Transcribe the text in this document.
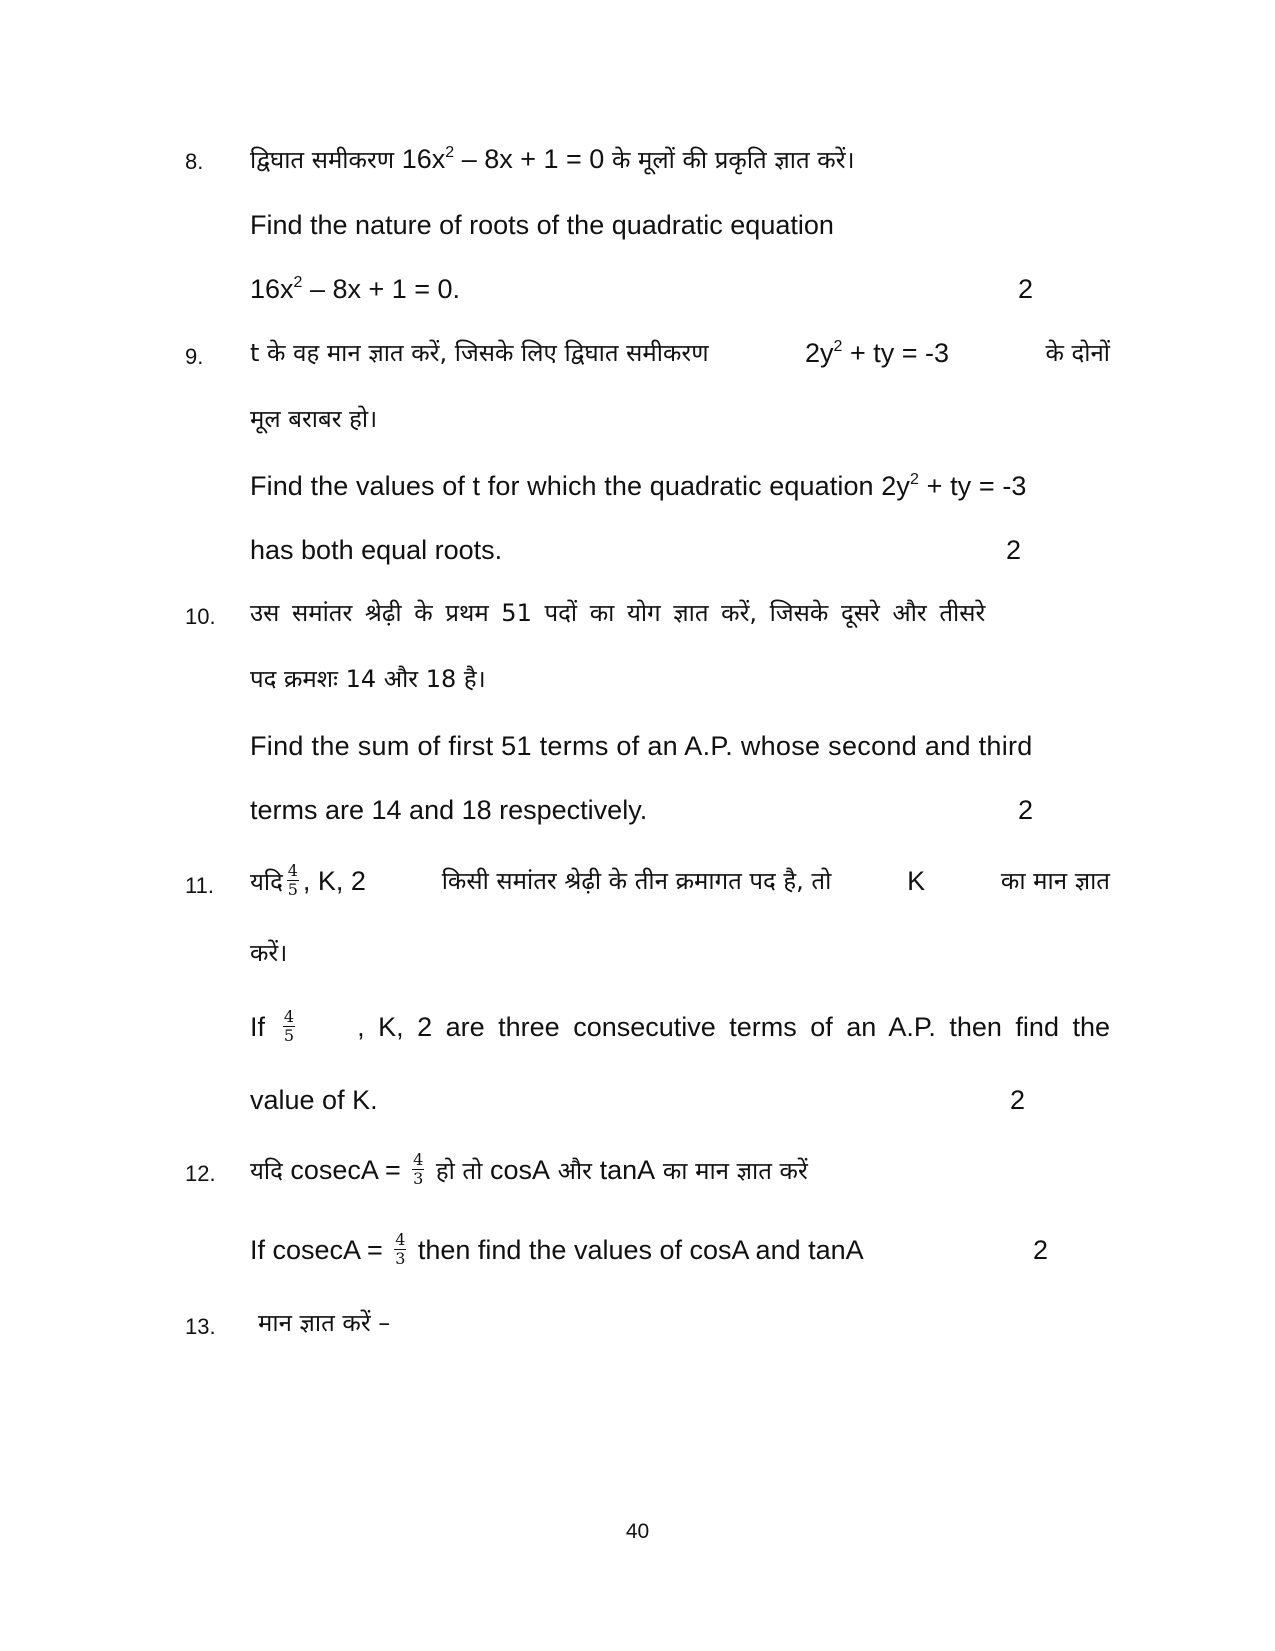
8. द्विघात समीकरण $16x^2 - 8x + 1 = 0$ के मूलों की प्रकृति ज्ञात करें।
Find the nature of roots of the quadratic equation
$16x^2 - 8x + 1 = 0$.	2
9. t के वह मान ज्ञात करें, जिसके लिए द्विघात समीकरण	$2y^2$ + ty = -3	के दोनों
मूल बराबर हो।
Find the values of t for which the quadratic equation $2y^2$ + ty = -3
has both equal roots.	2
10. उस समांतर श्रेढ़ी के प्रथम 51 पदों का योग ज्ञात करें, जिसके दूसरे और तीसरे
पद क्रमशः 14 और 18 है।
Find the sum of first 51 terms of an A.P. whose second and third
terms are 14 and 18 respectively.	2
11. यदि $\frac{4}{5}$ , K, 2	किसी समांतर श्रेढ़ी के तीन क्रमागत पद है, तो	K	का मान ज्ञात
करें।
If $\frac{4}{5}$ , K, 2 are three consecutive terms of an A.P. then find the
value of K.	2
12. यदि $cosecA = \frac{4}{3}$ हो तो cosA और tanA का मान ज्ञात करें
If $cosecA = \frac{4}{3}$ then find the values of cosA and tanA	2
13. मान ज्ञात करें –
40
